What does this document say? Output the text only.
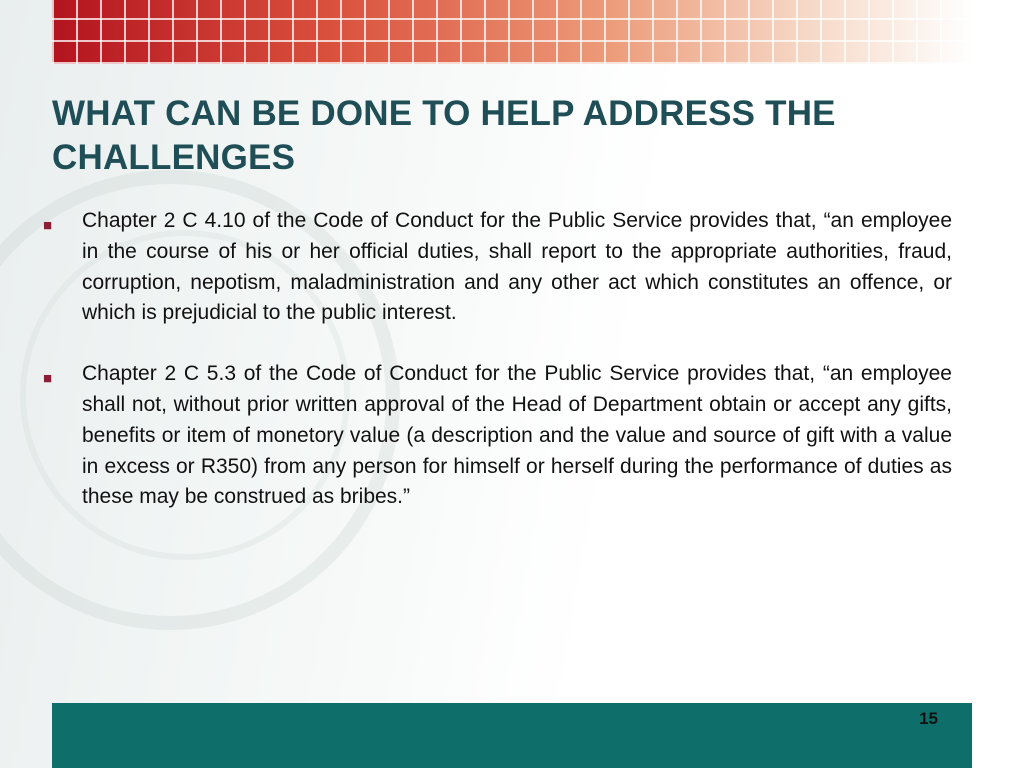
WHAT CAN BE DONE TO HELP ADDRESS THE CHALLENGES
■ Chapter 2 C 4.10 of the Code of Conduct for the Public Service provides that, “an employee in the course of his or her official duties, shall report to the appropriate authorities, fraud, corruption, nepotism, maladministration and any other act which constitutes an offence, or which is prejudicial to the public interest.
■ Chapter 2 C 5.3 of the Code of Conduct for the Public Service provides that, “an employee shall not, without prior written approval of the Head of Department obtain or accept any gifts, benefits or item of monetory value (a description and the value and source of gift with a value in excess or R350) from any person for himself or herself during the performance of duties as these may be construed as bribes.”
15
